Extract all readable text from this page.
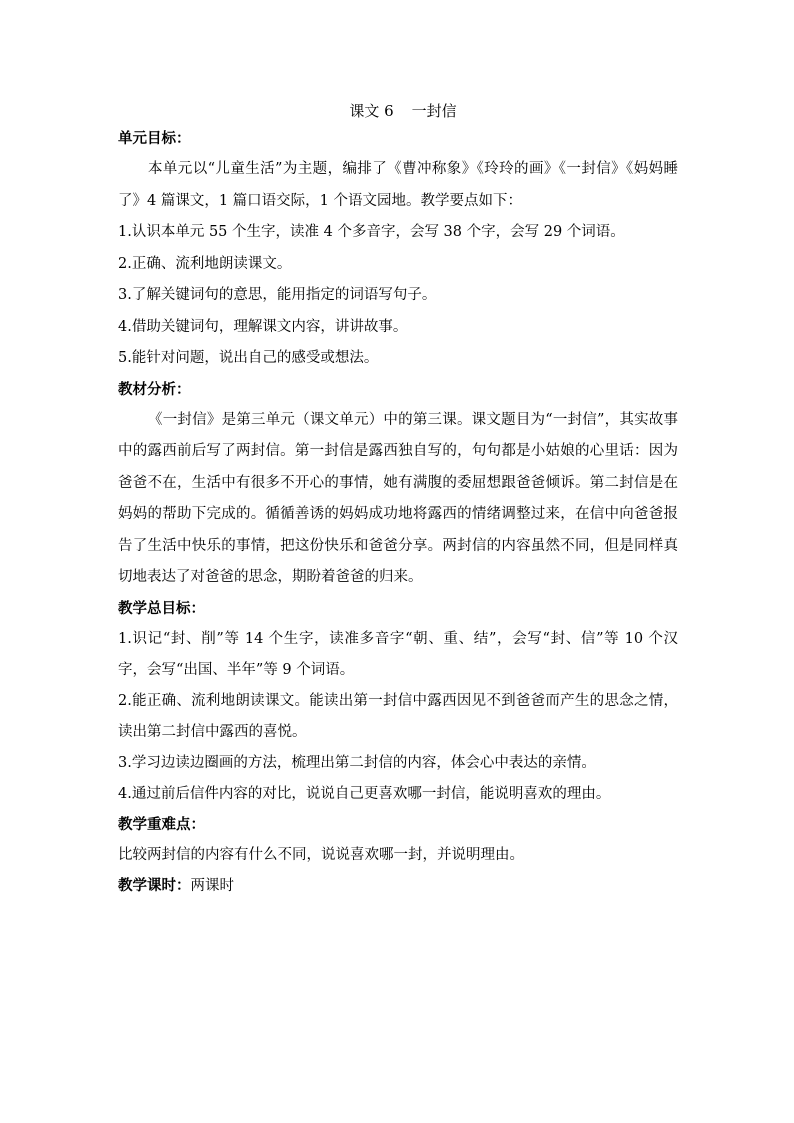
课文 6 一封信

单元目标：

本单元以“儿童生活”为主题，编排了《曹冲称象》《玲玲的画》《一封信》《妈妈睡了》4 篇课文，1 篇口语交际，1 个语文园地。教学要点如下：

1.认识本单元 55 个生字，读准 4 个多音字，会写 38 个字，会写 29 个词语。

2.正确、流利地朗读课文。

3.了解关键词句的意思，能用指定的词语写句子。

4.借助关键词句，理解课文内容，讲讲故事。

5.能针对问题，说出自己的感受或想法。

教材分析：

《一封信》是第三单元（课文单元）中的第三课。课文题目为“一封信”，其实故事中的露西前后写了两封信。第一封信是露西独自写的，句句都是小姑娘的心里话：因为爸爸不在，生活中有很多不开心的事情，她有满腹的委屈想跟爸爸倾诉。第二封信是在妈妈的帮助下完成的。循循善诱的妈妈成功地将露西的情绪调整过来，在信中向爸爸报告了生活中快乐的事情，把这份快乐和爸爸分享。两封信的内容虽然不同，但是同样真切地表达了对爸爸的思念，期盼着爸爸的归来。

教学总目标：

1.识记“封、削”等 14 个生字，读准多音字“朝、重、结”，会写“封、信”等 10 个汉字，会写“出国、半年”等 9 个词语。

2.能正确、流利地朗读课文。能读出第一封信中露西因见不到爸爸而产生的思念之情，读出第二封信中露西的喜悦。

3.学习边读边圈画的方法，梳理出第二封信的内容，体会心中表达的亲情。

4.通过前后信件内容的对比，说说自己更喜欢哪一封信，能说明喜欢的理由。

教学重难点：

比较两封信的内容有什么不同，说说喜欢哪一封，并说明理由。

教学课时：两课时
